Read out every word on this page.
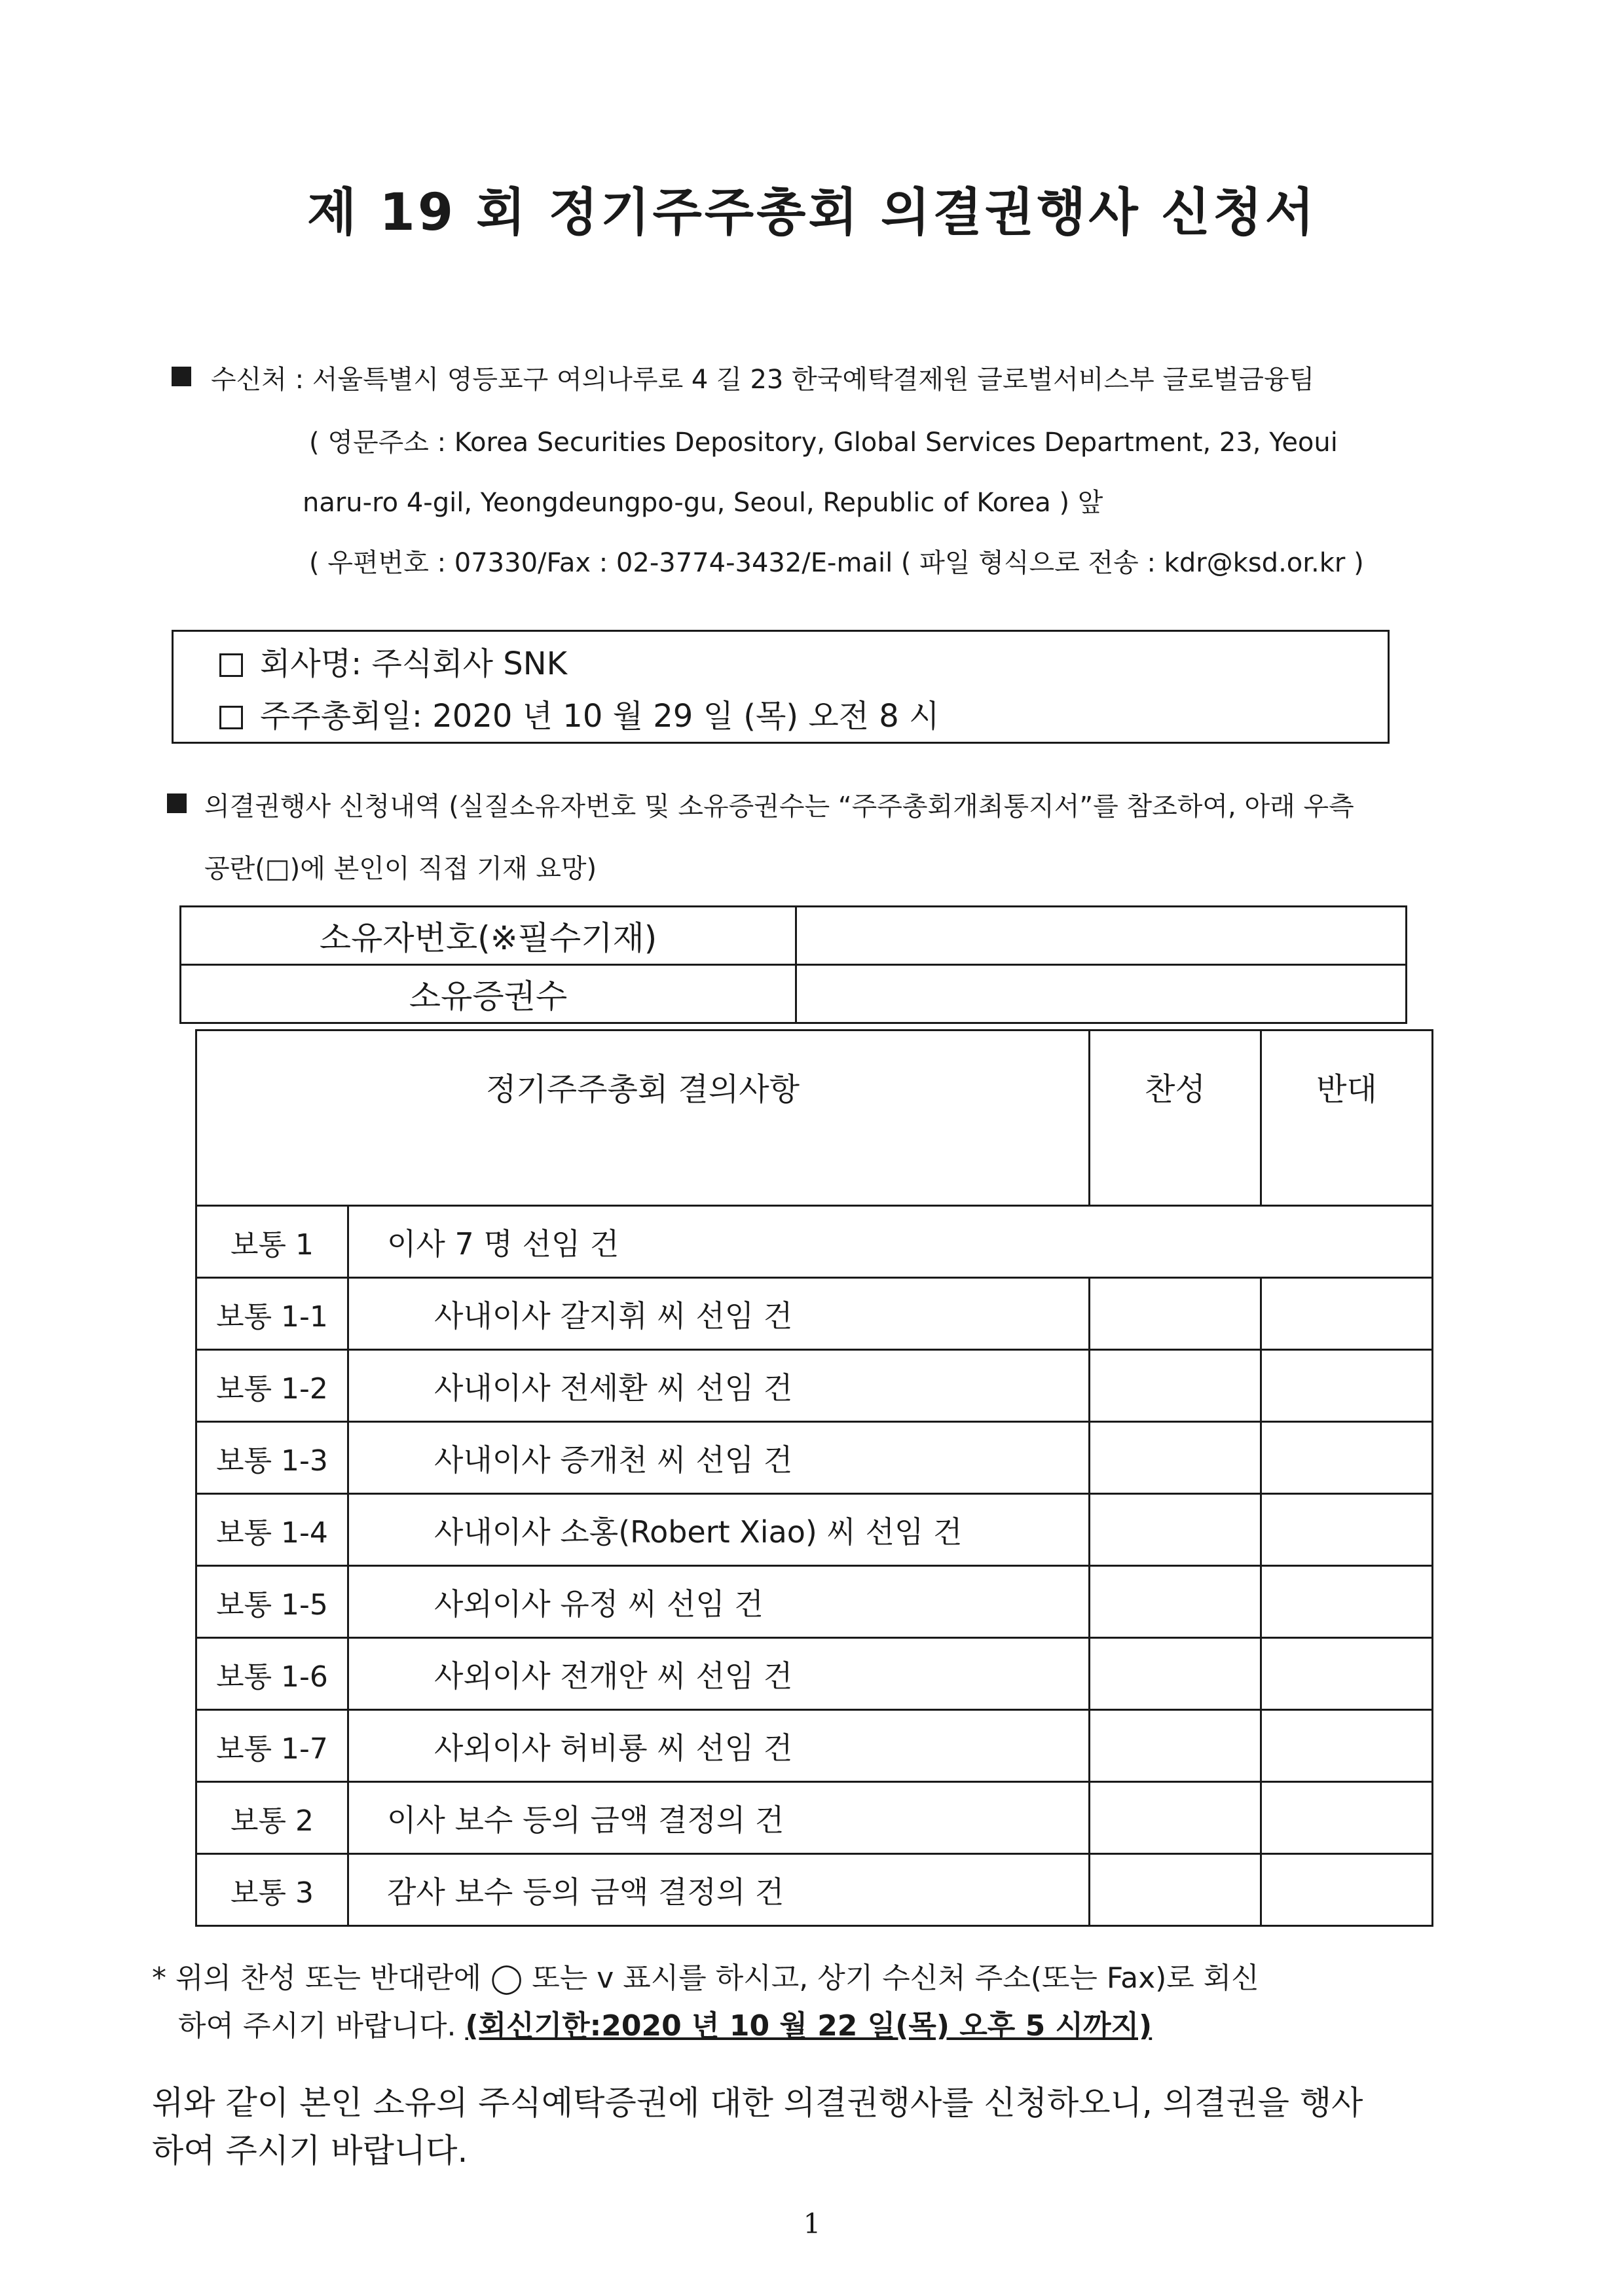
제 19 회 정기주주총회 의결권행사 신청서
수신처 : 서울특별시 영등포구 여의나루로 4 길 23 한국예탁결제원 글로벌서비스부 글로벌금융팀
( 영문주소 : Korea Securities Depository, Global Services Department, 23, Yeoui
naru-ro 4-gil, Yeongdeungpo-gu, Seoul, Republic of Korea ) 앞
( 우편번호 : 07330/Fax : 02-3774-3432/E-mail ( 파일 형식으로 전송 : kdr@ksd.or.kr )
회사명: 주식회사 SNK
주주총회일: 2020 년 10 월 29 일 (목) 오전 8 시
의결권행사 신청내역 (실질소유자번호 및 소유증권수는 “주주총회개최통지서”를 참조하여, 아래 우측
공란(□)에 본인이 직접 기재 요망)
소유자번호(※필수기재)	
소유증권수	
정기주주총회 결의사항		찬성	반대
보통 1	이사 7 명 선임 건		
보통 1-1	사내이사 갈지휘 씨 선임 건		
보통 1-2	사내이사 전세환 씨 선임 건		
보통 1-3	사내이사 증개천 씨 선임 건		
보통 1-4	사내이사 소홍(Robert Xiao) 씨 선임 건		
보통 1-5	사외이사 유정 씨 선임 건		
보통 1-6	사외이사 전개안 씨 선임 건		
보통 1-7	사외이사 허비룡 씨 선임 건		
보통 2	이사 보수 등의 금액 결정의 건		
보통 3	감사 보수 등의 금액 결정의 건		
* 위의 찬성 또는 반대란에 ◯ 또는 v 표시를 하시고, 상기 수신처 주소(또는 Fax)로 회신
하여 주시기 바랍니다. (회신기한:2020 년 10 월 22 일(목) 오후 5 시까지)
위와 같이 본인 소유의 주식예탁증권에 대한 의결권행사를 신청하오니, 의결권을 행사
하여 주시기 바랍니다.
1
